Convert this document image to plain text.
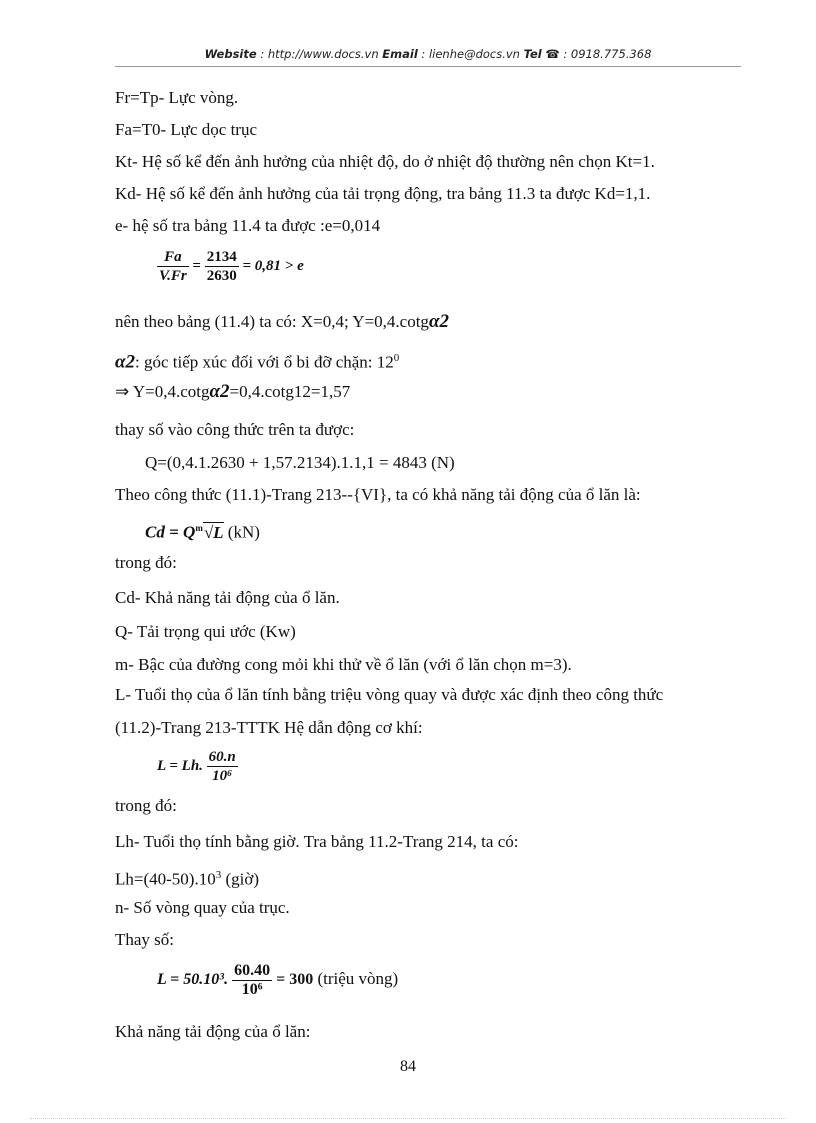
Website : http://www.docs.vn Email : lienhe@docs.vn Tel ☎ : 0918.775.368
Fr=Tp- Lực vòng.
Fa=T0- Lực dọc trục
Kt- Hệ số kể đến ảnh hưởng của nhiệt độ, do ở nhiệt độ thường nên chọn Kt=1.
Kd- Hệ số kể đến ảnh hưởng của tải trọng động, tra bảng 11.3 ta được Kd=1,1.
e- hệ số tra bảng 11.4 ta được :e=0,014
$\frac{Fa}{V.Fr} = \frac{2134}{2630} = 0,81 > e$
nên theo bảng (11.4) ta có: X=0,4; Y=0,4.cotgα2
α2: góc tiếp xúc đối với ổ bi đỡ chặn: $12^0$
⇒ Y=0,4.cotgα2=0,4.cotg12=1,57
thay số vào công thức trên ta được:
Q=(0,4.1.2630 + 1,57.2134).1.1,1 = 4843 (N)
Theo công thức (11.1)-Trang 213--{VI}, ta có khả năng tải động của ổ lăn là:
$Cd = Q^m√L$ (kN)
trong đó:
Cd- Khả năng tải động của ổ lăn.
Q- Tải trọng qui ước (Kw)
m- Bậc của đường cong mỏi khi thử về ổ lăn (với ổ lăn chọn m=3).
L- Tuổi thọ của ổ lăn tính bằng triệu vòng quay và được xác định theo công thức
(11.2)-Trang 213-TTTK Hệ dẫn động cơ khí:
L = Lh. $\frac{60.n}{\text{10⁶}}$
trong đó:
Lh- Tuổi thọ tính bằng giờ. Tra bảng 11.2-Trang 214, ta có:
$Lh=(40-50).10^3$ (giờ)
n- Số vòng quay của trục.
Thay số:
L = 50.10³. $\frac{60.40}{\text{10⁶}} = 300$ (triệu vòng)
Khả năng tải động của ổ lăn:
84
